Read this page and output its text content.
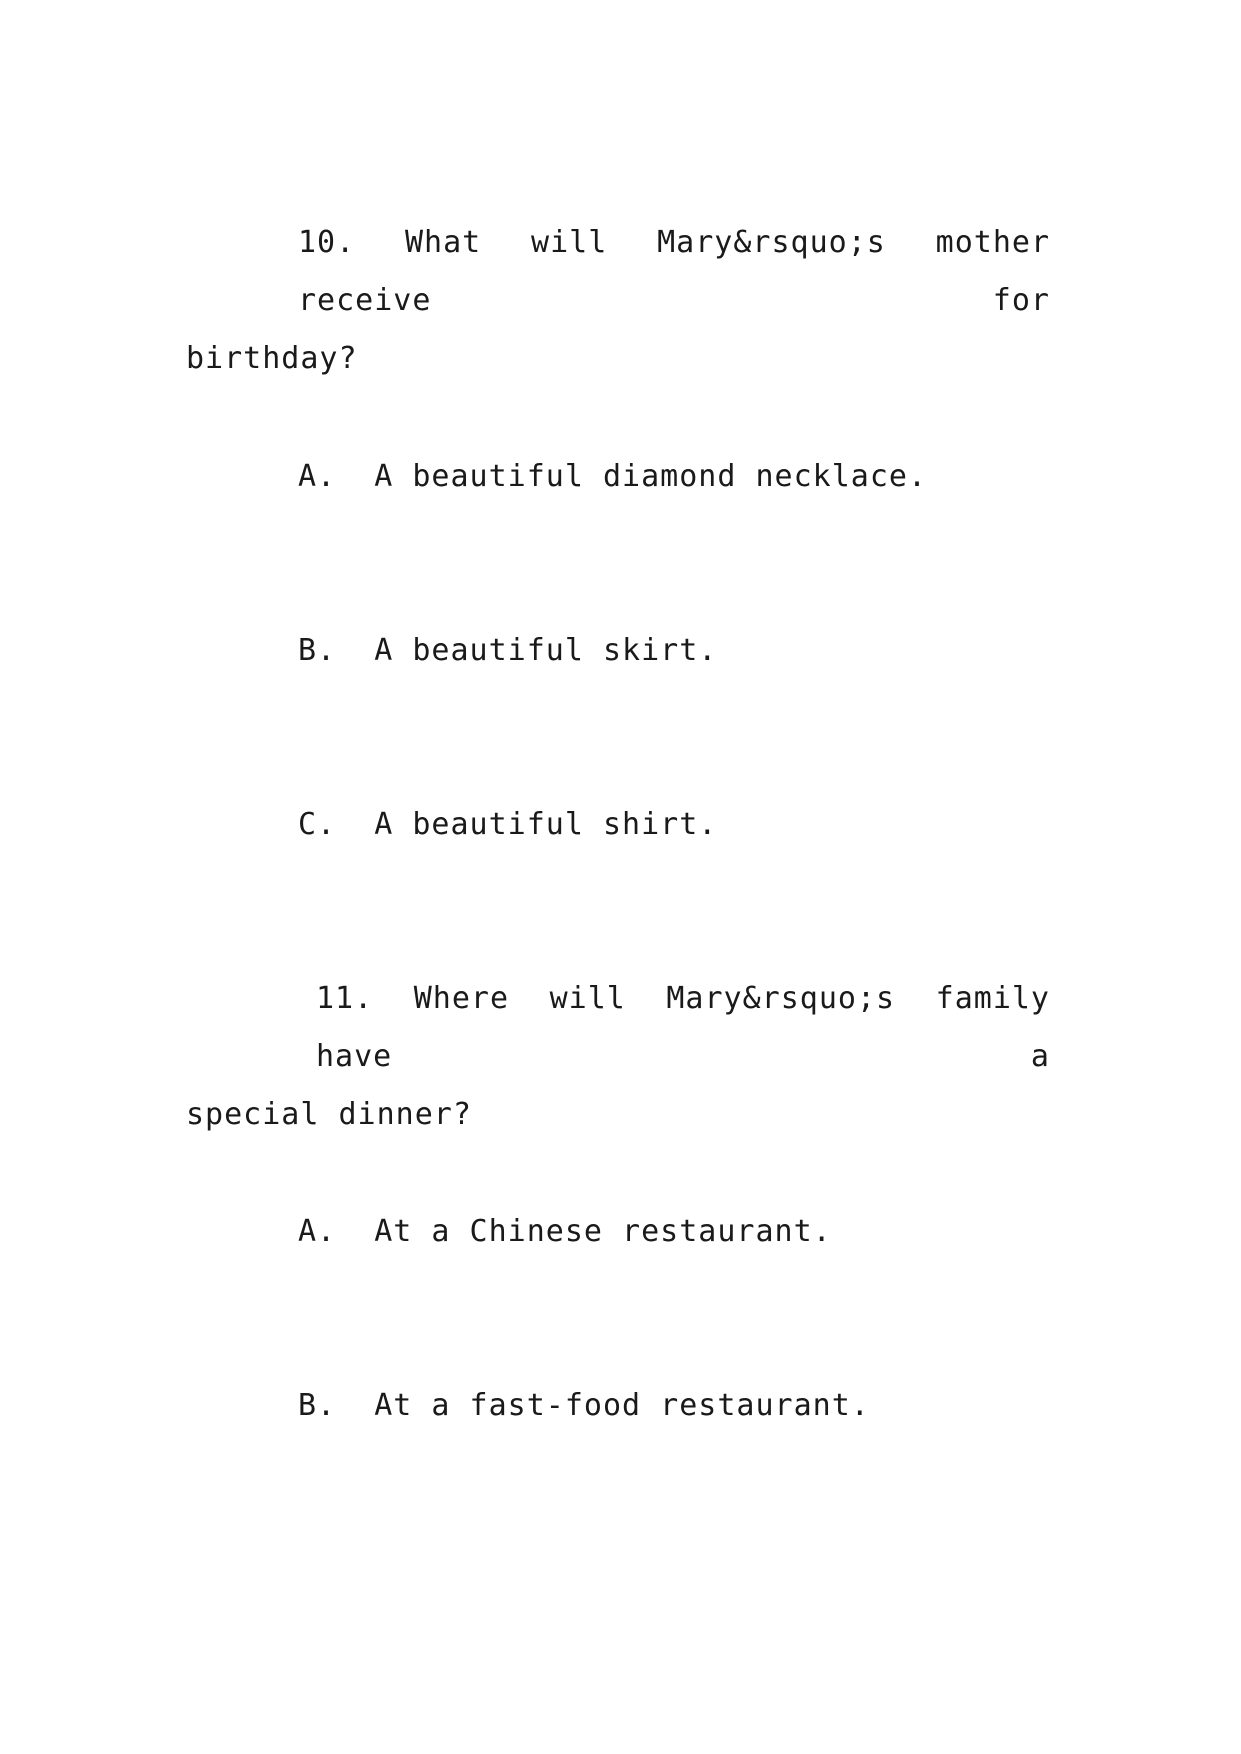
10. What will Mary&rsquo;s mother receive for
birthday?
A.  A beautiful diamond necklace.
B.  A beautiful skirt.
C.  A beautiful shirt.
11. Where will Mary&rsquo;s family have a
special dinner?
A.  At a Chinese restaurant.
B.  At a fast-food restaurant.
